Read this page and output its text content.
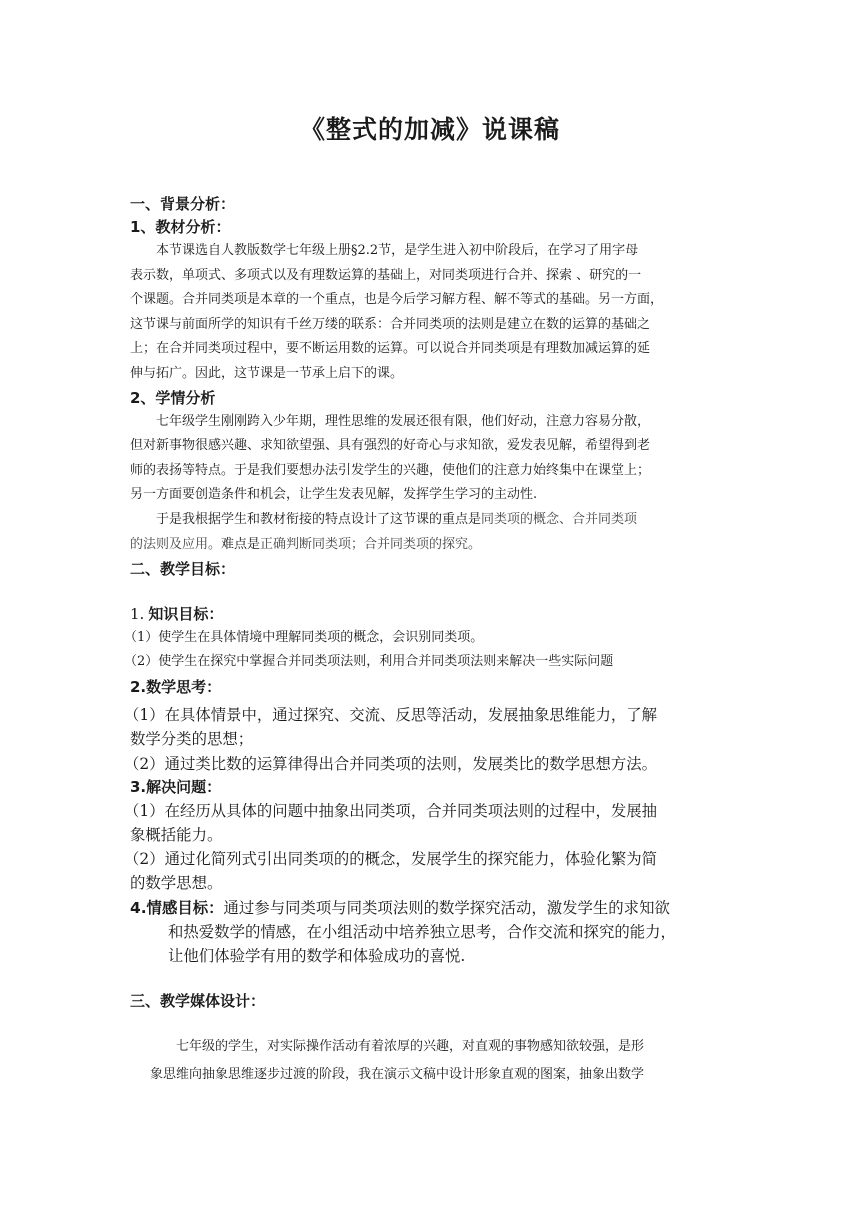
《整式的加减》说课稿
一、背景分析：
1、教材分析：
本节课选自人教版数学七年级上册§2.2节，是学生进入初中阶段后，在学习了用字母
表示数，单项式、多项式以及有理数运算的基础上，对同类项进行合并、探索 、研究的一
个课题。合并同类项是本章的一个重点，也是今后学习解方程、解不等式的基础。另一方面，
这节课与前面所学的知识有千丝万缕的联系：合并同类项的法则是建立在数的运算的基础之
上；在合并同类项过程中，要不断运用数的运算。可以说合并同类项是有理数加减运算的延
伸与拓广。因此，这节课是一节承上启下的课。
2、学情分析
七年级学生刚刚跨入少年期，理性思维的发展还很有限，他们好动，注意力容易分散，
但对新事物很感兴趣、求知欲望强、具有强烈的好奇心与求知欲，爱发表见解，希望得到老
师的表扬等特点。于是我们要想办法引发学生的兴趣，使他们的注意力始终集中在课堂上；
另一方面要创造条件和机会，让学生发表见解，发挥学生学习的主动性.
于是我根据学生和教材衔接的特点设计了这节课的重点是同类项的概念、合并同类项
的法则及应用。难点是正确判断同类项；合并同类项的探究。
二、教学目标：
1. 知识目标：
（1）使学生在具体情境中理解同类项的概念，会识别同类项。
（2）使学生在探究中掌握合并同类项法则，利用合并同类项法则来解决一些实际问题
2.数学思考：
（1）在具体情景中，通过探究、交流、反思等活动，发展抽象思维能力，了解
数学分类的思想；
（2）通过类比数的运算律得出合并同类项的法则，发展类比的数学思想方法。
3.解决问题：
（1）在经历从具体的问题中抽象出同类项，合并同类项法则的过程中，发展抽
象概括能力。
（2）通过化简列式引出同类项的的概念，发展学生的探究能力，体验化繁为简
的数学思想。
4.情感目标：通过参与同类项与同类项法则的数学探究活动，激发学生的求知欲
和热爱数学的情感，在小组活动中培养独立思考，合作交流和探究的能力，
让他们体验学有用的数学和体验成功的喜悦.
三、教学媒体设计：
七年级的学生，对实际操作活动有着浓厚的兴趣，对直观的事物感知欲较强，是形
象思维向抽象思维逐步过渡的阶段，我在演示文稿中设计形象直观的图案，抽象出数学
